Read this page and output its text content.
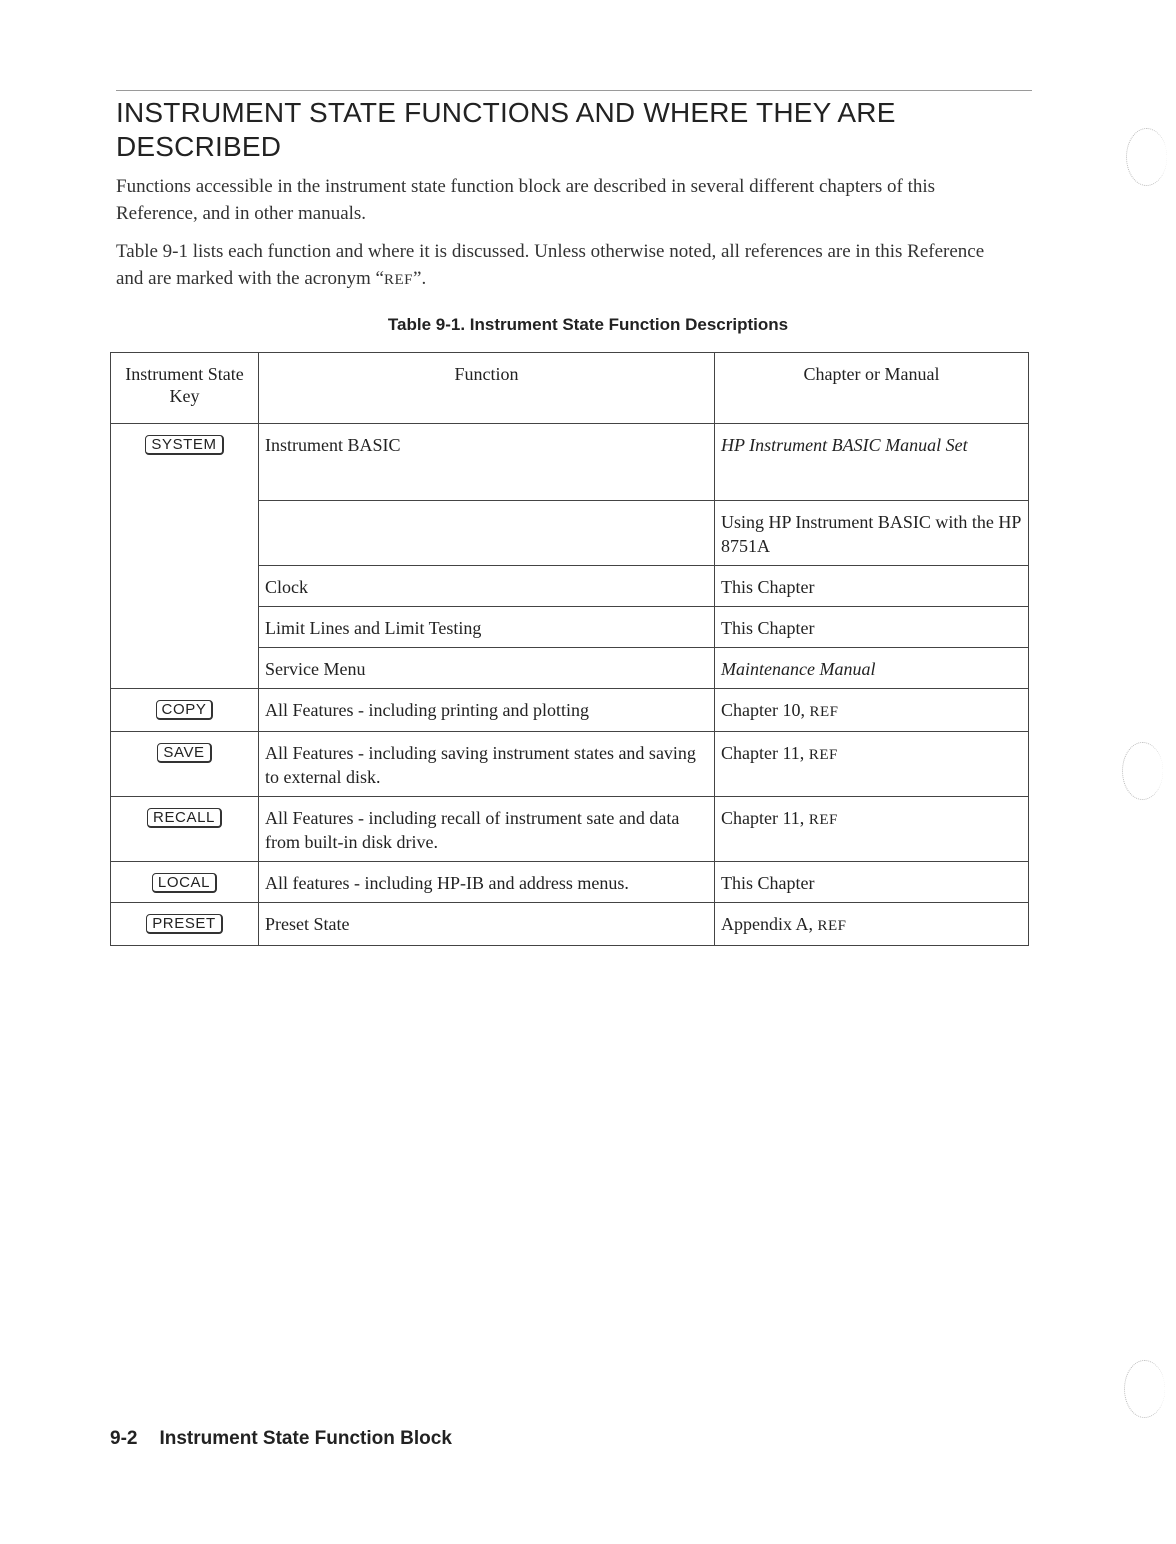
INSTRUMENT STATE FUNCTIONS AND WHERE THEY ARE DESCRIBED

Functions accessible in the instrument state function block are described in several different chapters of this Reference, and in other manuals.

Table 9-1 lists each function and where it is discussed. Unless otherwise noted, all references are in this Reference and are marked with the acronym “REF”.

Table 9-1. Instrument State Function Descriptions
Instrument State Key	Function	Chapter or Manual
SYSTEM	Instrument BASIC	HP Instrument BASIC Manual Set
		Using HP Instrument BASIC with the HP 8751A
	Clock	This Chapter
	Limit Lines and Limit Testing	This Chapter
	Service Menu	Maintenance Manual
COPY	All Features - including printing and plotting	Chapter 10, REF
SAVE	All Features - including saving instrument states and saving to external disk.	Chapter 11, REF
RECALL	All Features - including recall of instrument sate and data from built-in disk drive.	Chapter 11, REF
LOCAL	All features - including HP-IB and address menus.	This Chapter
PRESET	Preset State	Appendix A, REF
9-2 Instrument State Function Block
